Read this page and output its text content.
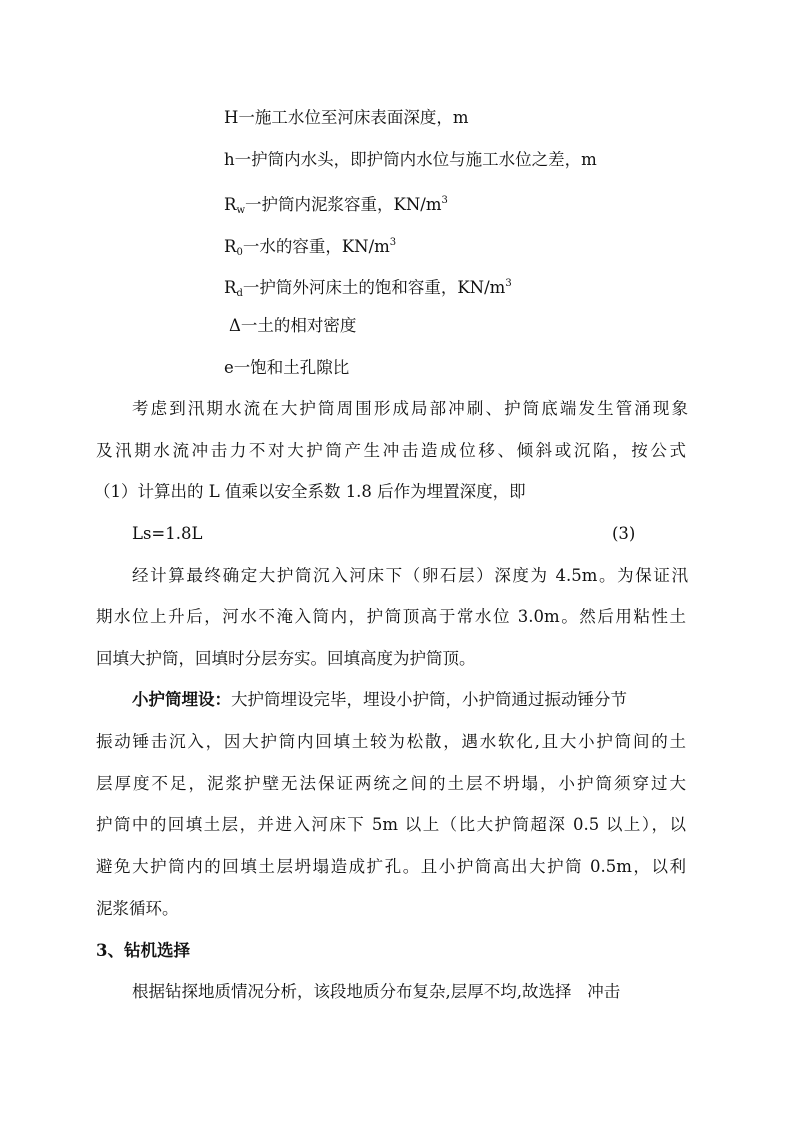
H一施工水位至河床表面深度，m
h一护筒内水头，即护筒内水位与施工水位之差，m
$R_w$一护筒内泥浆容重，$KN/m^3$
$R_0$一水的容重，$KN/m^3$
$R_d$一护筒外河床土的饱和容重，$KN/m^3$
Δ一土的相对密度
e一饱和土孔隙比
考虑到汛期水流在大护筒周围形成局部冲刷、护筒底端发生管涌现象
及汛期水流冲击力不对大护筒产生冲击造成位移、倾斜或沉陷，按公式
（1）计算出的 L 值乘以安全系数 1.8 后作为埋置深度，即
Ls=1.8L	(3)
经计算最终确定大护筒沉入河床下（卵石层）深度为 4.5m。为保证汛
期水位上升后，河水不淹入筒内，护筒顶高于常水位 3.0m。然后用粘性土
回填大护筒，回填时分层夯实。回填高度为护筒顶。
小护筒埋设：大护筒埋设完毕，埋设小护筒，小护筒通过振动锤分节
振动锤击沉入，因大护筒内回填土较为松散，遇水软化,且大小护筒间的土
层厚度不足，泥浆护壁无法保证两统之间的土层不坍塌，小护筒须穿过大
护筒中的回填土层，并进入河床下 5m 以上（比大护筒超深 0.5 以上），以
避免大护筒内的回填土层坍塌造成扩孔。且小护筒高出大护筒 0.5m，以利
泥浆循环。
3、钻机选择
根据钻探地质情况分析，该段地质分布复杂,层厚不均,故选择   冲击
